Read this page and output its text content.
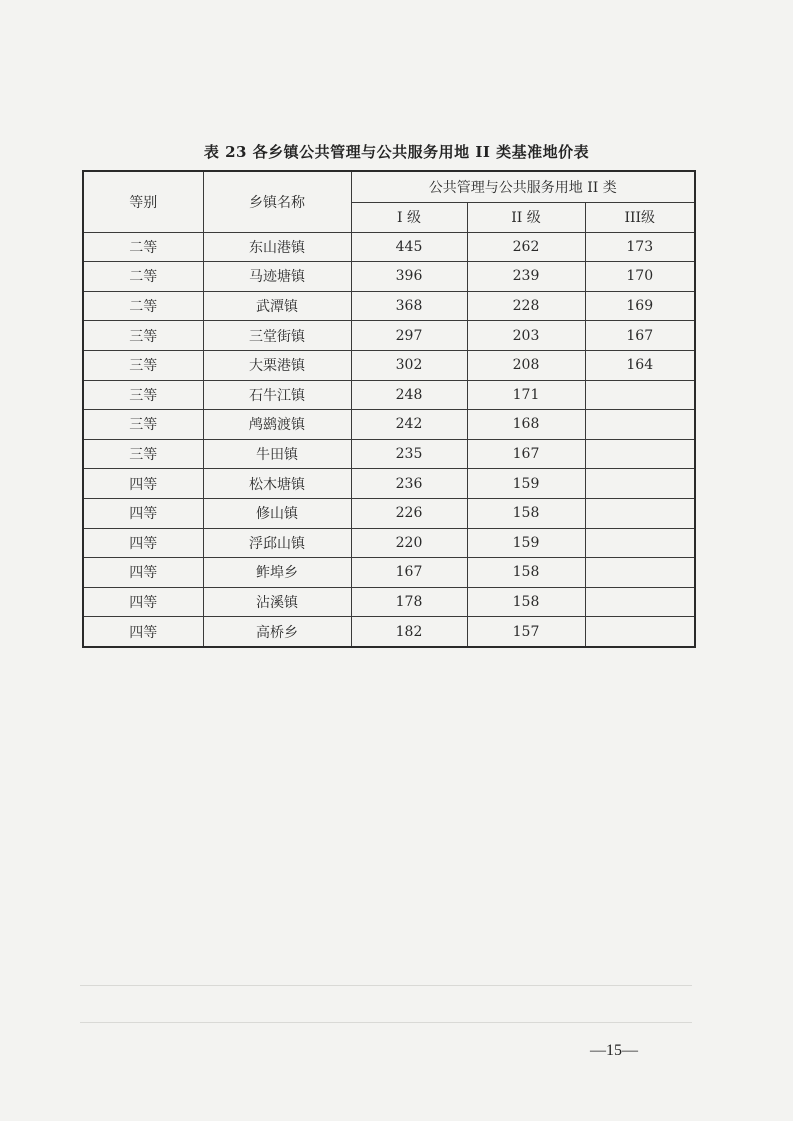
表 23 各乡镇公共管理与公共服务用地 II 类基准地价表
等别	乡镇名称	公共管理与公共服务用地 II 类		
		I 级	II 级	III级
二等	东山港镇	445	262	173
二等	马迹塘镇	396	239	170
二等	武潭镇	368	228	169
三等	三堂街镇	297	203	167
三等	大栗港镇	302	208	164
三等	石牛江镇	248	171	
三等	鸬鹚渡镇	242	168	
三等	牛田镇	235	167	
四等	松木塘镇	236	159	
四等	修山镇	226	158	
四等	浮邱山镇	220	159	
四等	鲊埠乡	167	158	
四等	沾溪镇	178	158	
四等	高桥乡	182	157	
—15—
